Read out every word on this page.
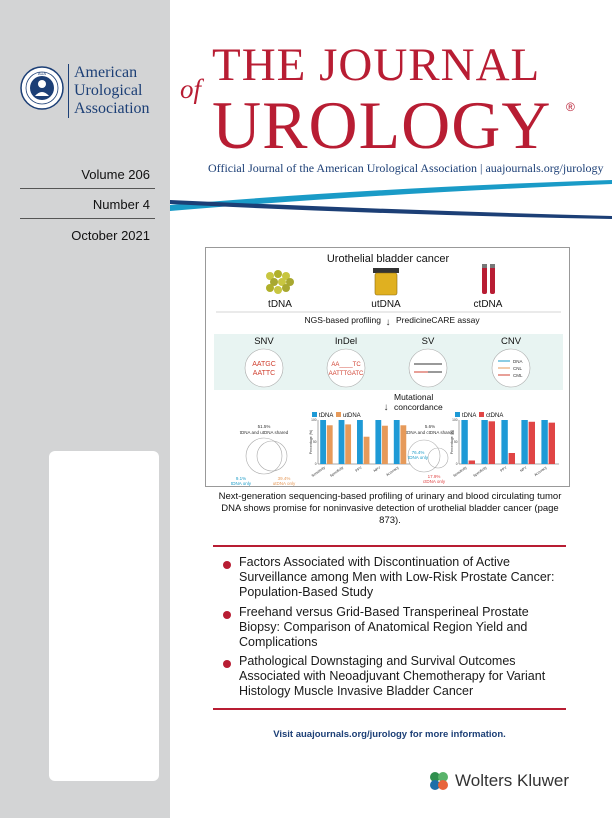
AUA American
Urological
Association
Volume 206
Number 4
October 2021
THE JOURNAL
of UROLOGY ®
Official Journal of the American Urological Association | auajournals.org/jurology
Urothelial bladder cancer
tDNA	utDNA	ctDNA
NGS-based profiling ↓ PredicineCARE assay
SNV	InDel	SV	CNV
AATGC
AATTC
AA____TC
AATTTGATC
DNA
CNL
CML
↓
Mutational
concordance
51.5%
tDNA and utDNA shared
9.1%
tDNA only
39.4%
utDNA only
5.6%
tDNA and ctDNA shared
76.4%
tDNA only
17.9%
ctDNA only
tDNA utDNA	tDNA ctDNA
Percentage (%)
0
50
100
Sensitivity Specificity	PPV	NPV Accuracy
Percentage (%)
0
50
100
Sensitivity Specificity	PPV	NPV Accuracy
Next-generation sequencing-based profiling of urinary and blood circulating tumor DNA shows promise for noninvasive detection of urothelial bladder cancer (page 873).
Factors Associated with Discontinuation of Active Surveillance among Men with Low-Risk Prostate Cancer: Population-Based Study
Freehand versus Grid-Based Transperineal Prostate Biopsy: Comparison of Anatomical Region Yield and Complications
Pathological Downstaging and Survival Outcomes Associated with Neoadjuvant Chemotherapy for Variant Histology Muscle Invasive Bladder Cancer
Visit auajournals.org/jurology for more information.
Wolters Kluwer
